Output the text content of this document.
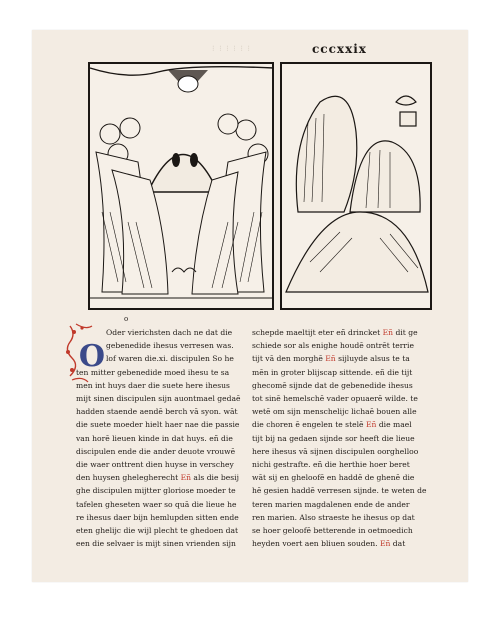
⁝ ⁝ ⁝ ⁝ ⁝ ⁝	cccxxix
o
O
Oder vierichsten dach ne dat die
gebenedide ihesus verresen was.
lof waren die.xi. discipulen So he
ten mitter gebenedide moed ihesu te sa
men int huys daer die suete here ihesus
mijt sinen discipulen sijn auontmael gedaē
hadden staende aendē berch vā syon. wāt
die suete moeder hielt haer nae die passie
van horē lieuen kinde in dat huys. eñ die
discipulen ende die ander deuote vrouwē
die waer onttrent dien huyse in verschey
den huysen ghelegherecht Eñ als die besij
ghe discipulen mijtter gloriose moeder te
tafelen gheseten waer so quā die lieue he
re ihesus daer bijn hemlupden sitten ende
eten ghelijc die wijl plecht te ghedoen dat
een die selvaer is mijt sinen vrienden sijn
schepde maeltijt eter eñ drincket Eñ dit ge
schiede sor als enighe houdē ontrēt terrie
tijt vā den morghē Eñ sijluyde alsus te ta
mēn in groter blijscap sittende. eñ die tijt
ghecomē sijnde dat de gebenedide ihesus
tot sinē hemelschē vader opuaerē wilde. te
wetē om sijn menschelijc lichaē bouen alle
die choren ē engelen te stelē Eñ die mael
tijt bij na gedaen sijnde sor heeft die lieue
here ihesus vā sijnen discipulen oorghelloo
nichi gestrafte. eñ die herthie hoer beret
wāt sij en gheloofē en haddē de ghenē die
hē gesien haddē verresen sijnde. te weten de
teren marien magdalenen ende de ander
ren marien. Also straeste he ihesus op dat
se hoer geloofē betterende in oetmoedich
heyden voert aen bliuen souden. Eñ dat
